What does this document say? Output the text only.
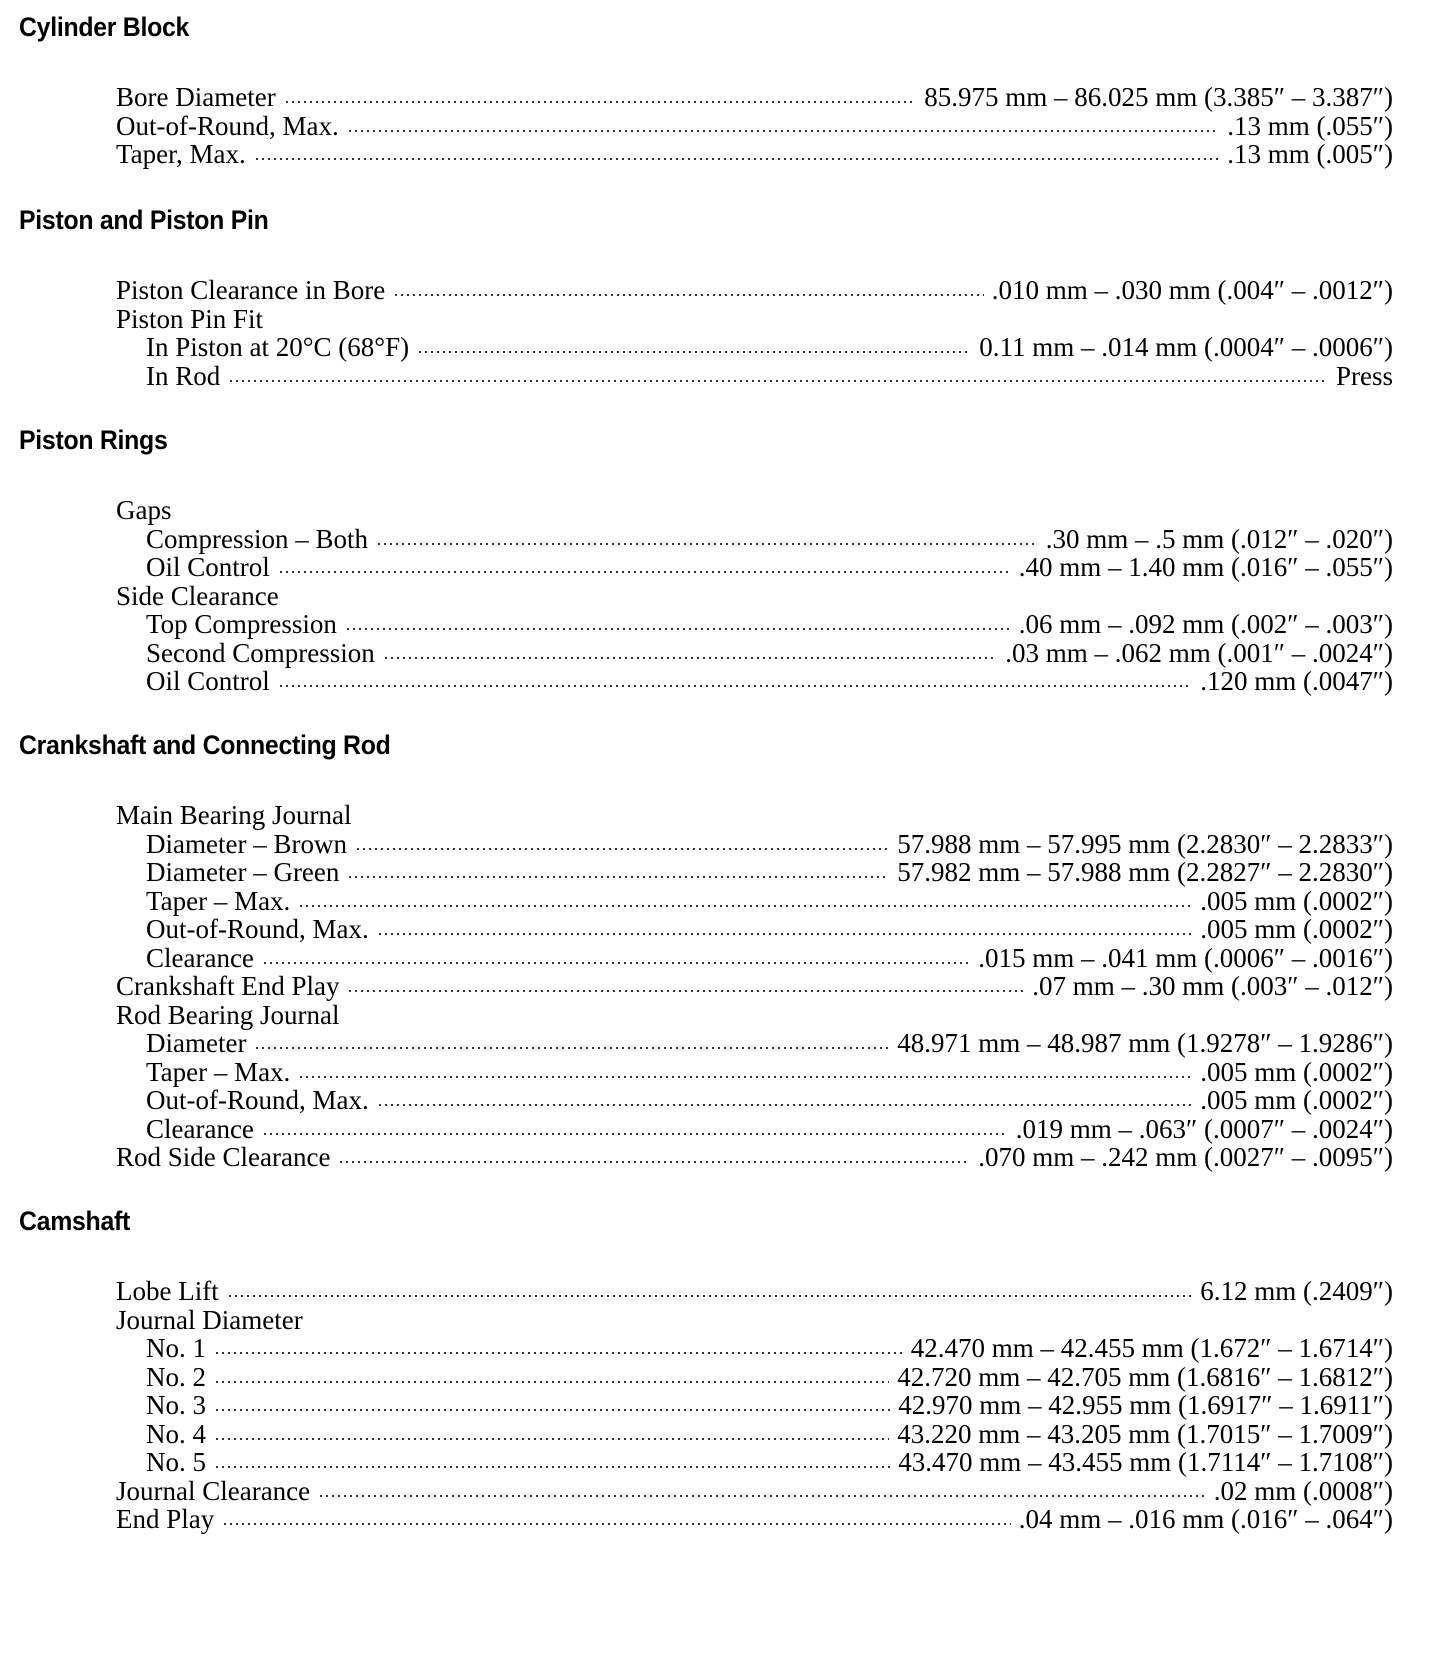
Cylinder Block
Bore Diameter	85.975 mm – 86.025 mm (3.385″ – 3.387″)
Out-of-Round, Max.	.13 mm (.055″)
Taper, Max.	.13 mm (.005″)
Piston and Piston Pin
Piston Clearance in Bore	.010 mm – .030 mm (.004″ – .0012″)
Piston Pin Fit
In Piston at 20°C (68°F)	0.11 mm – .014 mm (.0004″ – .0006″)
In Rod	Press
Piston Rings
Gaps
Compression – Both	.30 mm – .5 mm (.012″ – .020″)
Oil Control	.40 mm – 1.40 mm (.016″ – .055″)
Side Clearance
Top Compression	.06 mm – .092 mm (.002″ – .003″)
Second Compression	.03 mm – .062 mm (.001″ – .0024″)
Oil Control	.120 mm (.0047″)
Crankshaft and Connecting Rod
Main Bearing Journal
Diameter – Brown	57.988 mm – 57.995 mm (2.2830″ – 2.2833″)
Diameter – Green	57.982 mm – 57.988 mm (2.2827″ – 2.2830″)
Taper – Max.	.005 mm (.0002″)
Out-of-Round, Max.	.005 mm (.0002″)
Clearance	.015 mm – .041 mm (.0006″ – .0016″)
Crankshaft End Play	.07 mm – .30 mm (.003″ – .012″)
Rod Bearing Journal
Diameter	48.971 mm – 48.987 mm (1.9278″ – 1.9286″)
Taper – Max.	.005 mm (.0002″)
Out-of-Round, Max.	.005 mm (.0002″)
Clearance	.019 mm – .063″ (.0007″ – .0024″)
Rod Side Clearance	.070 mm – .242 mm (.0027″ – .0095″)
Camshaft
Lobe Lift	6.12 mm (.2409″)
Journal Diameter
No. 1	42.470 mm – 42.455 mm (1.672″ – 1.6714″)
No. 2	42.720 mm – 42.705 mm (1.6816″ – 1.6812″)
No. 3	42.970 mm – 42.955 mm (1.6917″ – 1.6911″)
No. 4	43.220 mm – 43.205 mm (1.7015″ – 1.7009″)
No. 5	43.470 mm – 43.455 mm (1.7114″ – 1.7108″)
Journal Clearance	.02 mm (.0008″)
End Play	.04 mm – .016 mm (.016″ – .064″)
